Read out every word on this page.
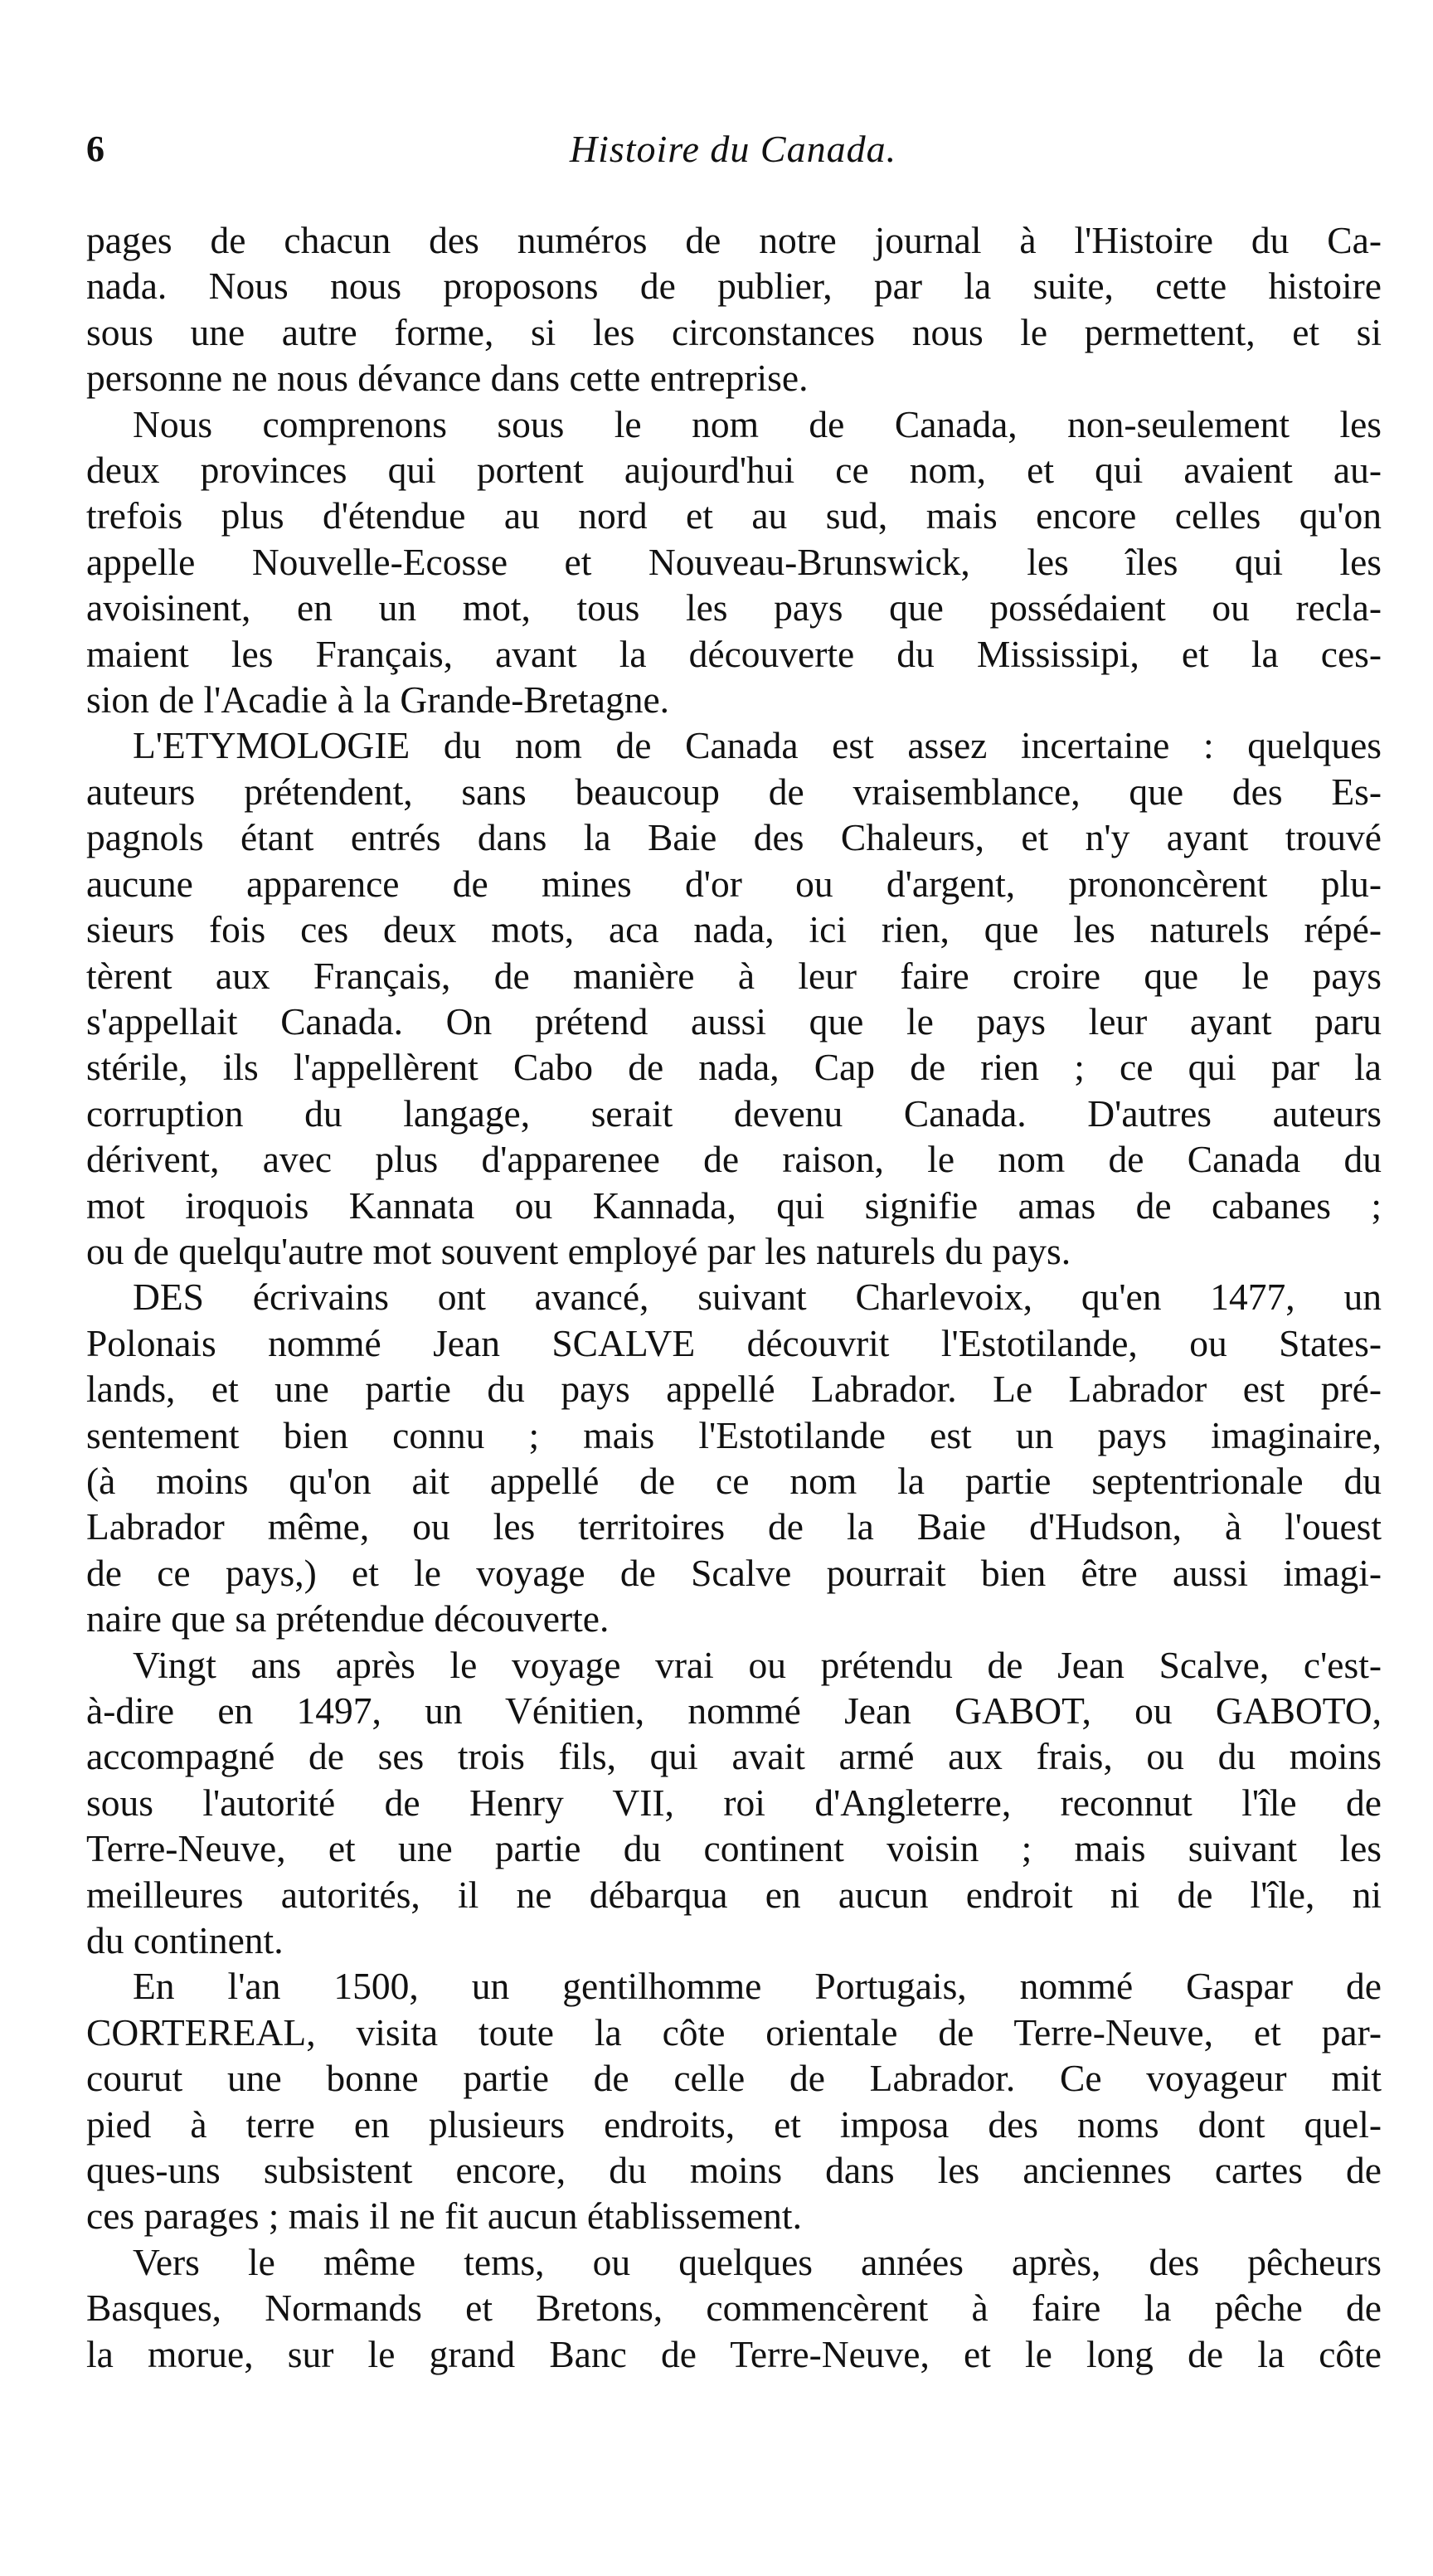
6	Histoire du Canada.

pages de chacun des numéros de notre journal à l'Histoire du Ca-
nada. Nous nous proposons de publier, par la suite, cette histoire
sous une autre forme, si les circonstances nous le permettent, et si
personne ne nous dévance dans cette entreprise.

Nous comprenons sous le nom de Canada, non-seulement les
deux provinces qui portent aujourd'hui ce nom, et qui avaient au-
trefois plus d'étendue au nord et au sud, mais encore celles qu'on
appelle Nouvelle-Ecosse et Nouveau-Brunswick, les îles qui les
avoisinent, en un mot, tous les pays que possédaient ou recla-
maient les Français, avant la découverte du Mississipi, et la ces-
sion de l'Acadie à la Grande-Bretagne.

L'ETYMOLOGIE du nom de Canada est assez incertaine : quelques
auteurs prétendent, sans beaucoup de vraisemblance, que des Es-
pagnols étant entrés dans la Baie des Chaleurs, et n'y ayant trouvé
aucune apparence de mines d'or ou d'argent, prononcèrent plu-
sieurs fois ces deux mots, aca nada, ici rien, que les naturels répé-
tèrent aux Français, de manière à leur faire croire que le pays
s'appellait Canada. On prétend aussi que le pays leur ayant paru
stérile, ils l'appellèrent Cabo de nada, Cap de rien ; ce qui par la
corruption du langage, serait devenu Canada. D'autres auteurs
dérivent, avec plus d'apparenee de raison, le nom de Canada du
mot iroquois Kannata ou Kannada, qui signifie amas de cabanes ;
ou de quelqu'autre mot souvent employé par les naturels du pays.

DES écrivains ont avancé, suivant Charlevoix, qu'en 1477, un
Polonais nommé Jean SCALVE découvrit l'Estotilande, ou States-
lands, et une partie du pays appellé Labrador. Le Labrador est pré-
sentement bien connu ; mais l'Estotilande est un pays imaginaire,
(à moins qu'on ait appellé de ce nom la partie septentrionale du
Labrador même, ou les territoires de la Baie d'Hudson, à l'ouest
de ce pays,) et le voyage de Scalve pourrait bien être aussi imagi-
naire que sa prétendue découverte.

Vingt ans après le voyage vrai ou prétendu de Jean Scalve, c'est-
à-dire en 1497, un Vénitien, nommé Jean GABOT, ou GABOTO,
accompagné de ses trois fils, qui avait armé aux frais, ou du moins
sous l'autorité de Henry VII, roi d'Angleterre, reconnut l'île de
Terre-Neuve, et une partie du continent voisin ; mais suivant les
meilleures autorités, il ne débarqua en aucun endroit ni de l'île, ni
du continent.

En l'an 1500, un gentilhomme Portugais, nommé Gaspar de
CORTEREAL, visita toute la côte orientale de Terre-Neuve, et par-
courut une bonne partie de celle de Labrador. Ce voyageur mit
pied à terre en plusieurs endroits, et imposa des noms dont quel-
ques-uns subsistent encore, du moins dans les anciennes cartes de
ces parages ; mais il ne fit aucun établissement.

Vers le même tems, ou quelques années après, des pêcheurs
Basques, Normands et Bretons, commencèrent à faire la pêche de
la morue, sur le grand Banc de Terre-Neuve, et le long de la côte
